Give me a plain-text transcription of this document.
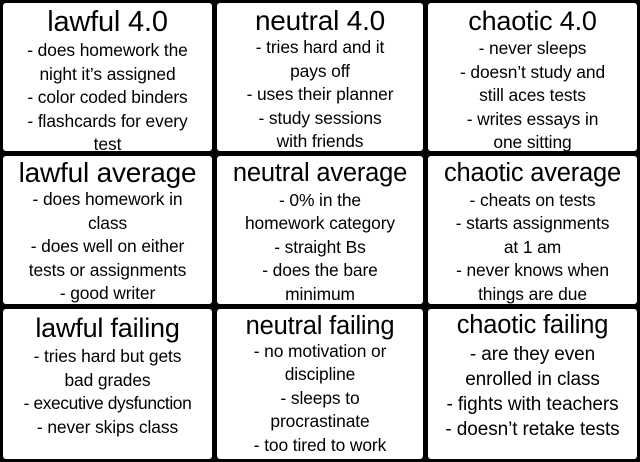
lawful 4.0
- does homework the
night it’s assigned
- color coded binders
- flashcards for every
test
neutral 4.0
- tries hard and it
pays off
- uses their planner
- study sessions
with friends
chaotic 4.0
- never sleeps
- doesn’t study and
still aces tests
- writes essays in
one sitting
lawful average
- does homework in
class
- does well on either
tests or assignments
- good writer
neutral average
- 0% in the
homework category
- straight Bs
- does the bare
minimum
chaotic average
- cheats on tests
- starts assignments
at 1 am
- never knows when
things are due
lawful failing
- tries hard but gets
bad grades
- executive dysfunction
- never skips class
neutral failing
- no motivation or
discipline
- sleeps to
procrastinate
- too tired to work
chaotic failing
- are they even
enrolled in class
- fights with teachers
- doesn’t retake tests
